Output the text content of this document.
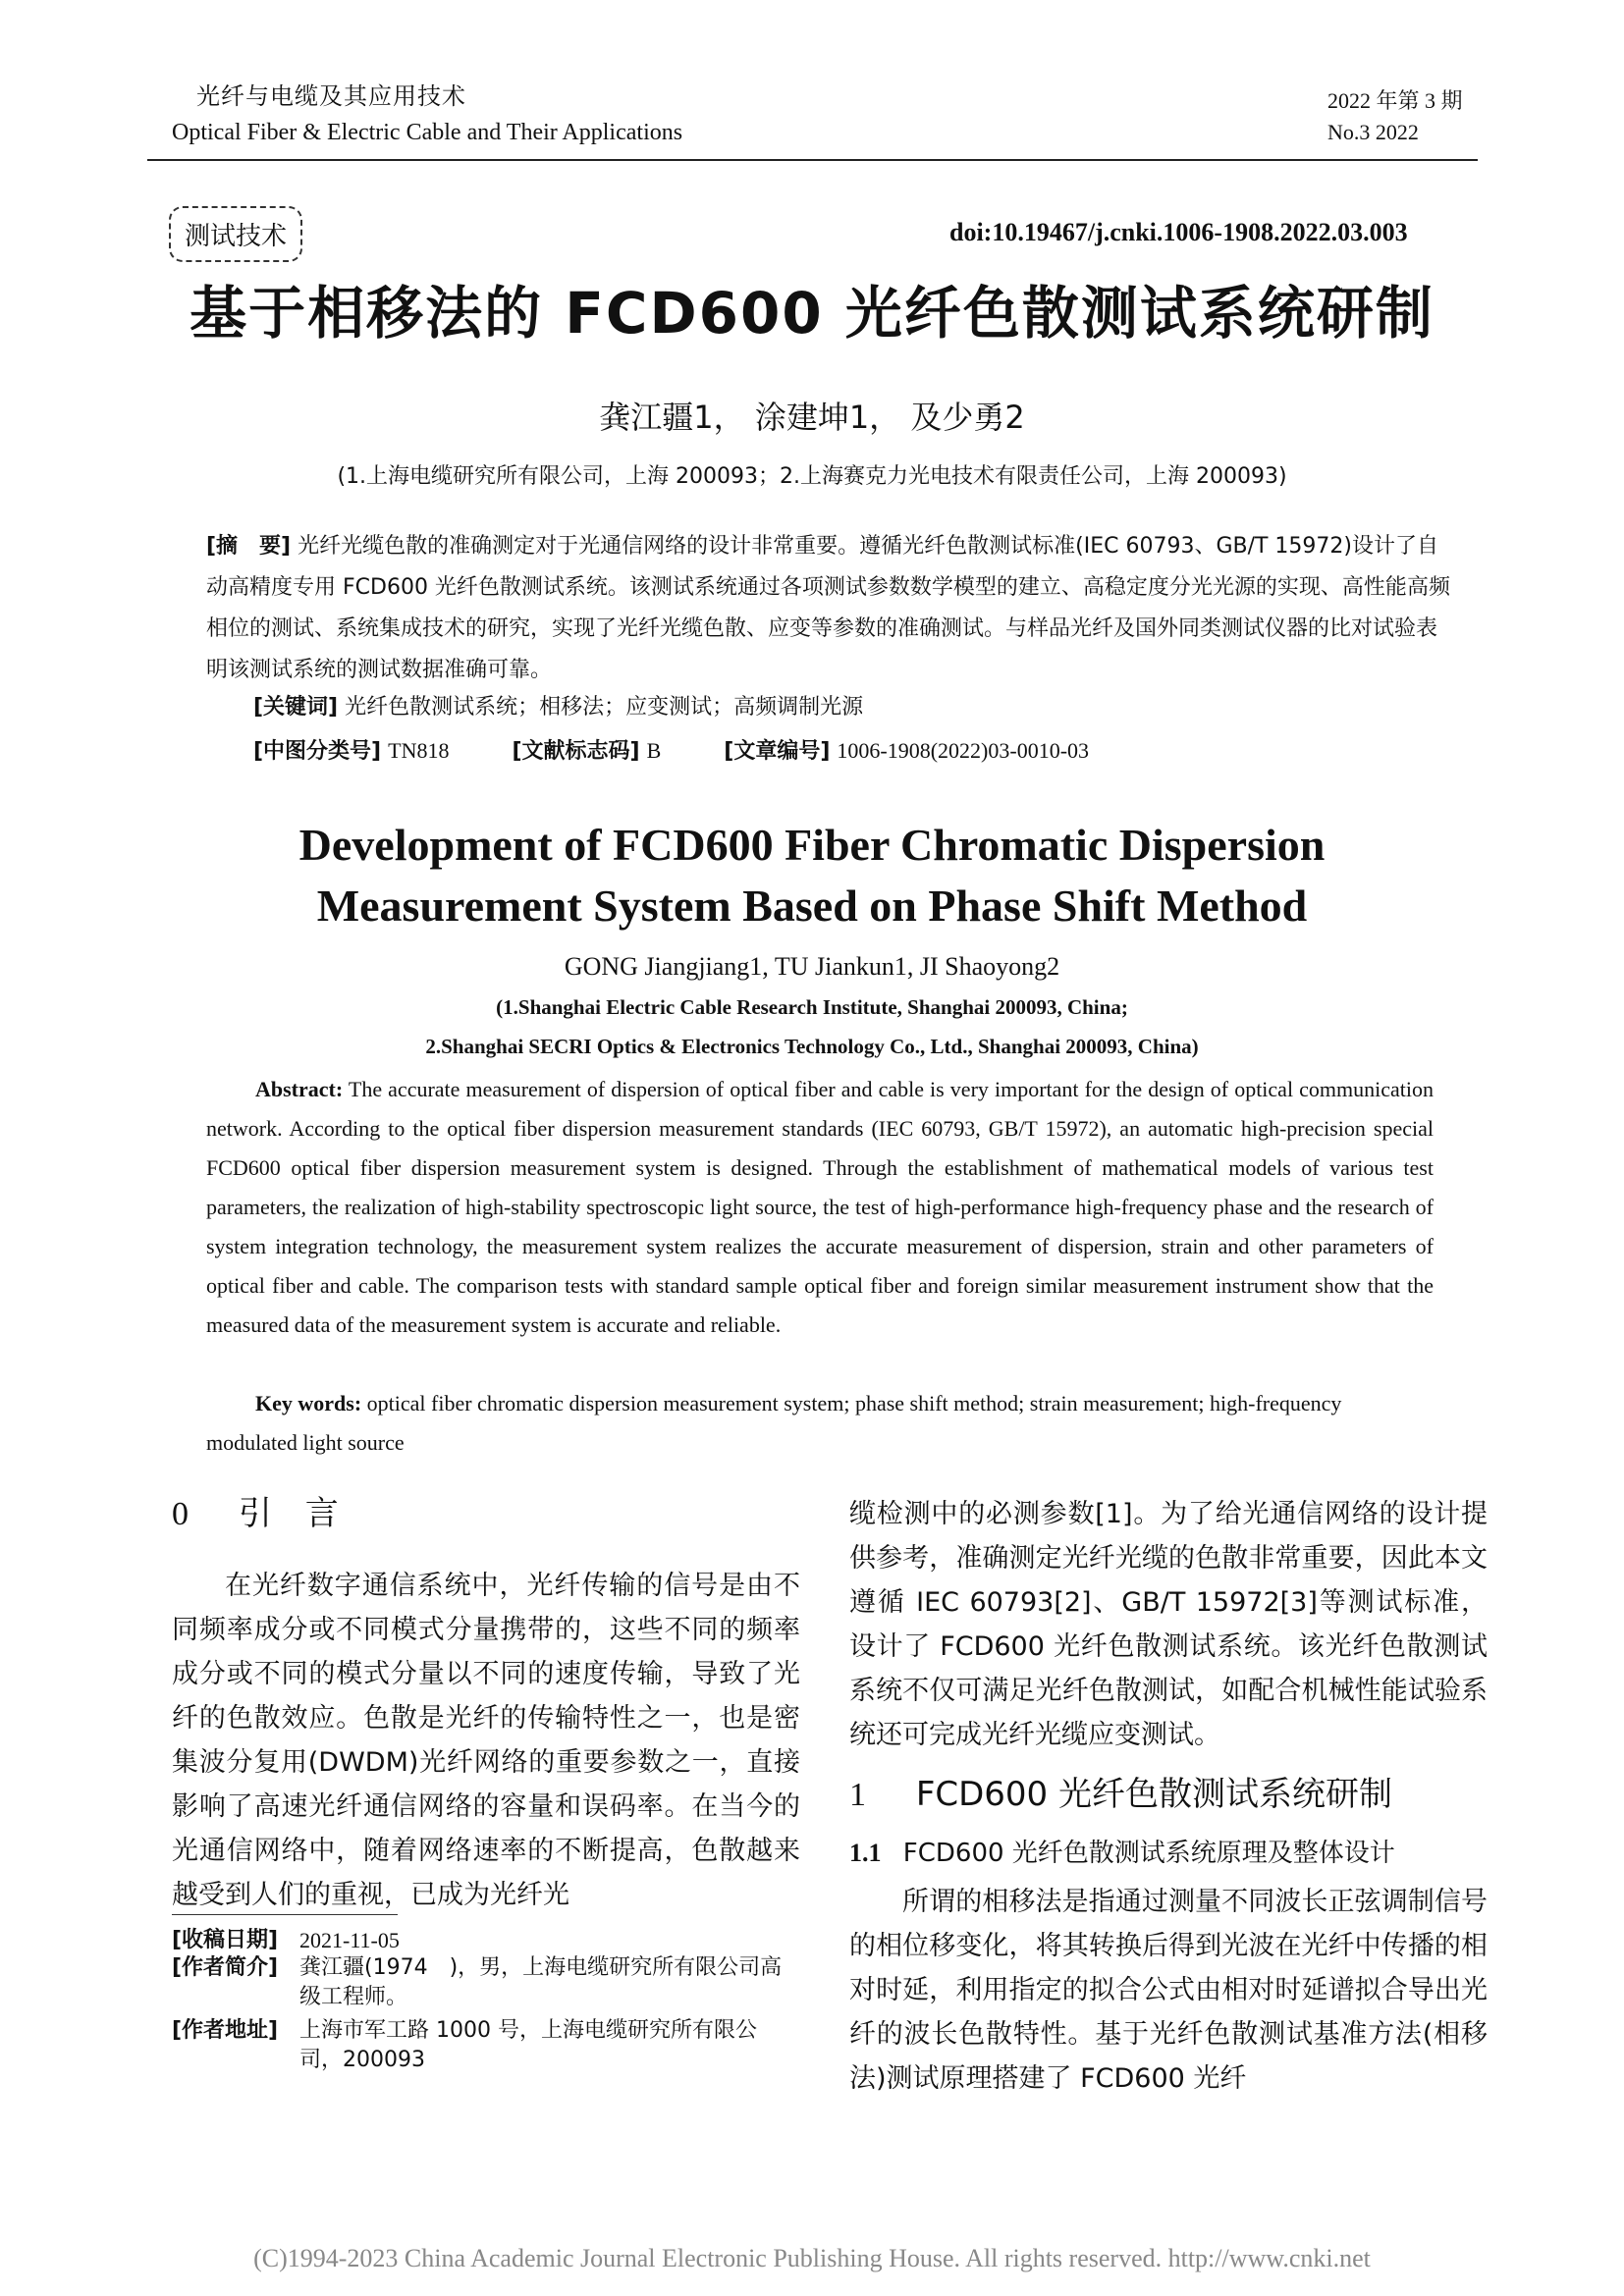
光纤与电缆及其应用技术
Optical Fiber & Electric Cable and Their Applications
2022 年第 3 期
No.3 2022
测试技术	doi:10.19467/j.cnki.1006-1908.2022.03.003
基于相移法的 FCD600 光纤色散测试系统研制
龚江疆1， 涂建坤1， 及少勇2
(1.上海电缆研究所有限公司，上海 200093；2.上海赛克力光电技术有限责任公司，上海 200093)
[摘　要] 光纤光缆色散的准确测定对于光通信网络的设计非常重要。遵循光纤色散测试标准(IEC 60793、GB/T 15972)设计了自动高精度专用 FCD600 光纤色散测试系统。该测试系统通过各项测试参数数学模型的建立、高稳定度分光光源的实现、高性能高频相位的测试、系统集成技术的研究，实现了光纤光缆色散、应变等参数的准确测试。与样品光纤及国外同类测试仪器的比对试验表明该测试系统的测试数据准确可靠。
[关键词] 光纤色散测试系统；相移法；应变测试；高频调制光源
[中图分类号] TN818	[文献标志码] B	[文章编号] 1006-1908(2022)03-0010-03
Development of FCD600 Fiber Chromatic Dispersion
Measurement System Based on Phase Shift Method
GONG Jiangjiang1, TU Jiankun1, JI Shaoyong2
(1.Shanghai Electric Cable Research Institute, Shanghai 200093, China;
2.Shanghai SECRI Optics & Electronics Technology Co., Ltd., Shanghai 200093, China)
Abstract: The accurate measurement of dispersion of optical fiber and cable is very important for the design of optical communication network. According to the optical fiber dispersion measurement standards (IEC 60793, GB/T 15972), an automatic high-precision special FCD600 optical fiber dispersion measurement system is designed. Through the establishment of mathematical models of various test parameters, the realization of high-stability spectroscopic light source, the test of high-performance high-frequency phase and the research of system integration technology, the measurement system realizes the accurate measurement of dispersion, strain and other parameters of optical fiber and cable. The comparison tests with standard sample optical fiber and foreign similar measurement instrument show that the measured data of the measurement system is accurate and reliable.
Key words: optical fiber chromatic dispersion measurement system; phase shift method; strain measurement; high-frequency modulated light source
0 引　言

在光纤数字通信系统中，光纤传输的信号是由不同频率成分或不同模式分量携带的，这些不同的频率成分或不同的模式分量以不同的速度传输，导致了光纤的色散效应。色散是光纤的传输特性之一，也是密集波分复用(DWDM)光纤网络的重要参数之一，直接影响了高速光纤通信网络的容量和误码率。在当今的光通信网络中，随着网络速率的不断提高，色散越来越受到人们的重视，已成为光纤光

缆检测中的必测参数[1]。为了给光通信网络的设计提供参考，准确测定光纤光缆的色散非常重要，因此本文遵循 IEC 60793[2]、GB/T 15972[3]等测试标准，设计了 FCD600 光纤色散测试系统。该光纤色散测试系统不仅可满足光纤色散测试，如配合机械性能试验系统还可完成光纤光缆应变测试。

1 FCD600 光纤色散测试系统研制
1.1 FCD600 光纤色散测试系统原理及整体设计

所谓的相移法是指通过测量不同波长正弦调制信号的相位移变化，将其转换后得到光波在光纤中传播的相对时延，利用指定的拟合公式由相对时延谱拟合导出光纤的波长色散特性。基于光纤色散测试基准方法(相移法)测试原理搭建了 FCD600 光纤

[收稿日期] 2021-11-05
[作者简介] 龚江疆(1974　)，男，上海电缆研究所有限公司高级工程师。
[作者地址] 上海市军工路 1000 号，上海电缆研究所有限公司，200093
(C)1994-2023 China Academic Journal Electronic Publishing House. All rights reserved. http://www.cnki.net
